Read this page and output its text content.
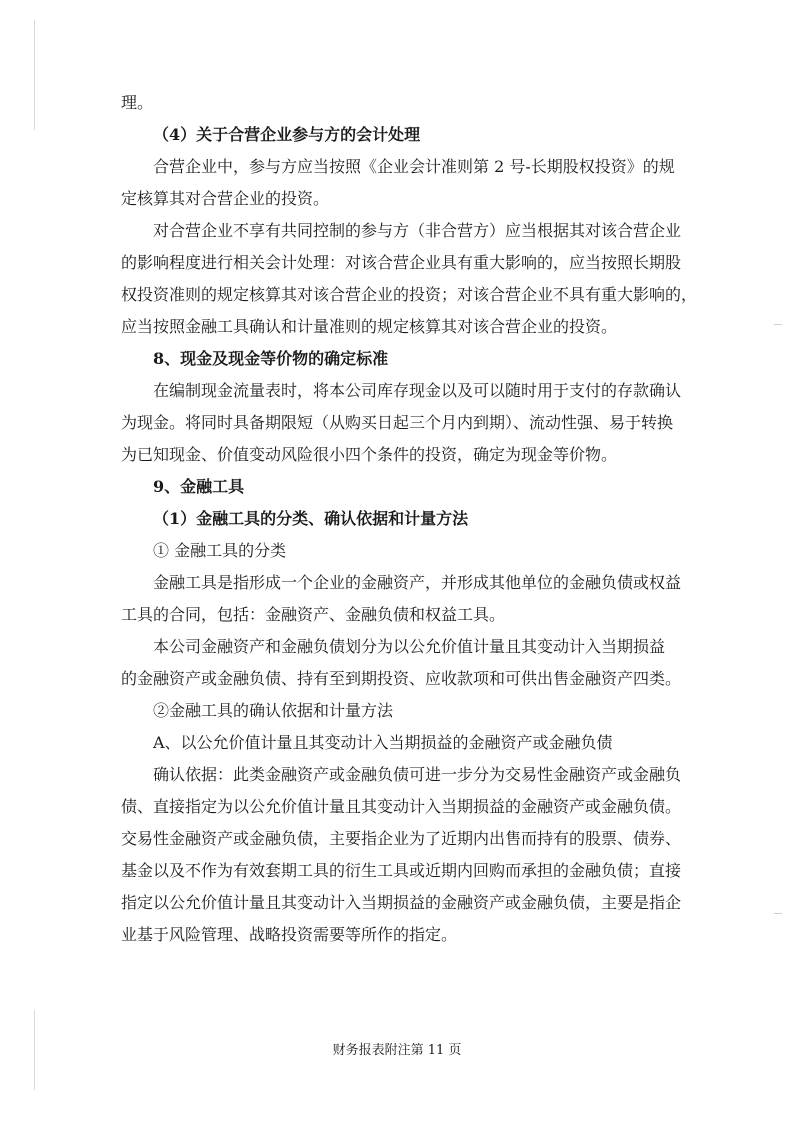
理。
（4）关于合营企业参与方的会计处理
合营企业中，参与方应当按照《企业会计准则第 2 号-长期股权投资》的规
定核算其对合营企业的投资。
对合营企业不享有共同控制的参与方（非合营方）应当根据其对该合营企业
的影响程度进行相关会计处理：对该合营企业具有重大影响的，应当按照长期股
权投资准则的规定核算其对该合营企业的投资；对该合营企业不具有重大影响的，
应当按照金融工具确认和计量准则的规定核算其对该合营企业的投资。
8、现金及现金等价物的确定标准
在编制现金流量表时，将本公司库存现金以及可以随时用于支付的存款确认
为现金。将同时具备期限短（从购买日起三个月内到期）、流动性强、易于转换
为已知现金、价值变动风险很小四个条件的投资，确定为现金等价物。
9、金融工具
（1）金融工具的分类、确认依据和计量方法
① 金融工具的分类
金融工具是指形成一个企业的金融资产，并形成其他单位的金融负债或权益
工具的合同，包括：金融资产、金融负债和权益工具。
本公司金融资产和金融负债划分为以公允价值计量且其变动计入当期损益
的金融资产或金融负债、持有至到期投资、应收款项和可供出售金融资产四类。
②金融工具的确认依据和计量方法
A、以公允价值计量且其变动计入当期损益的金融资产或金融负债
确认依据：此类金融资产或金融负债可进一步分为交易性金融资产或金融负
债、直接指定为以公允价值计量且其变动计入当期损益的金融资产或金融负债。
交易性金融资产或金融负债，主要指企业为了近期内出售而持有的股票、债券、
基金以及不作为有效套期工具的衍生工具或近期内回购而承担的金融负债；直接
指定以公允价值计量且其变动计入当期损益的金融资产或金融负债，主要是指企
业基于风险管理、战略投资需要等所作的指定。
财务报表附注第 11 页
